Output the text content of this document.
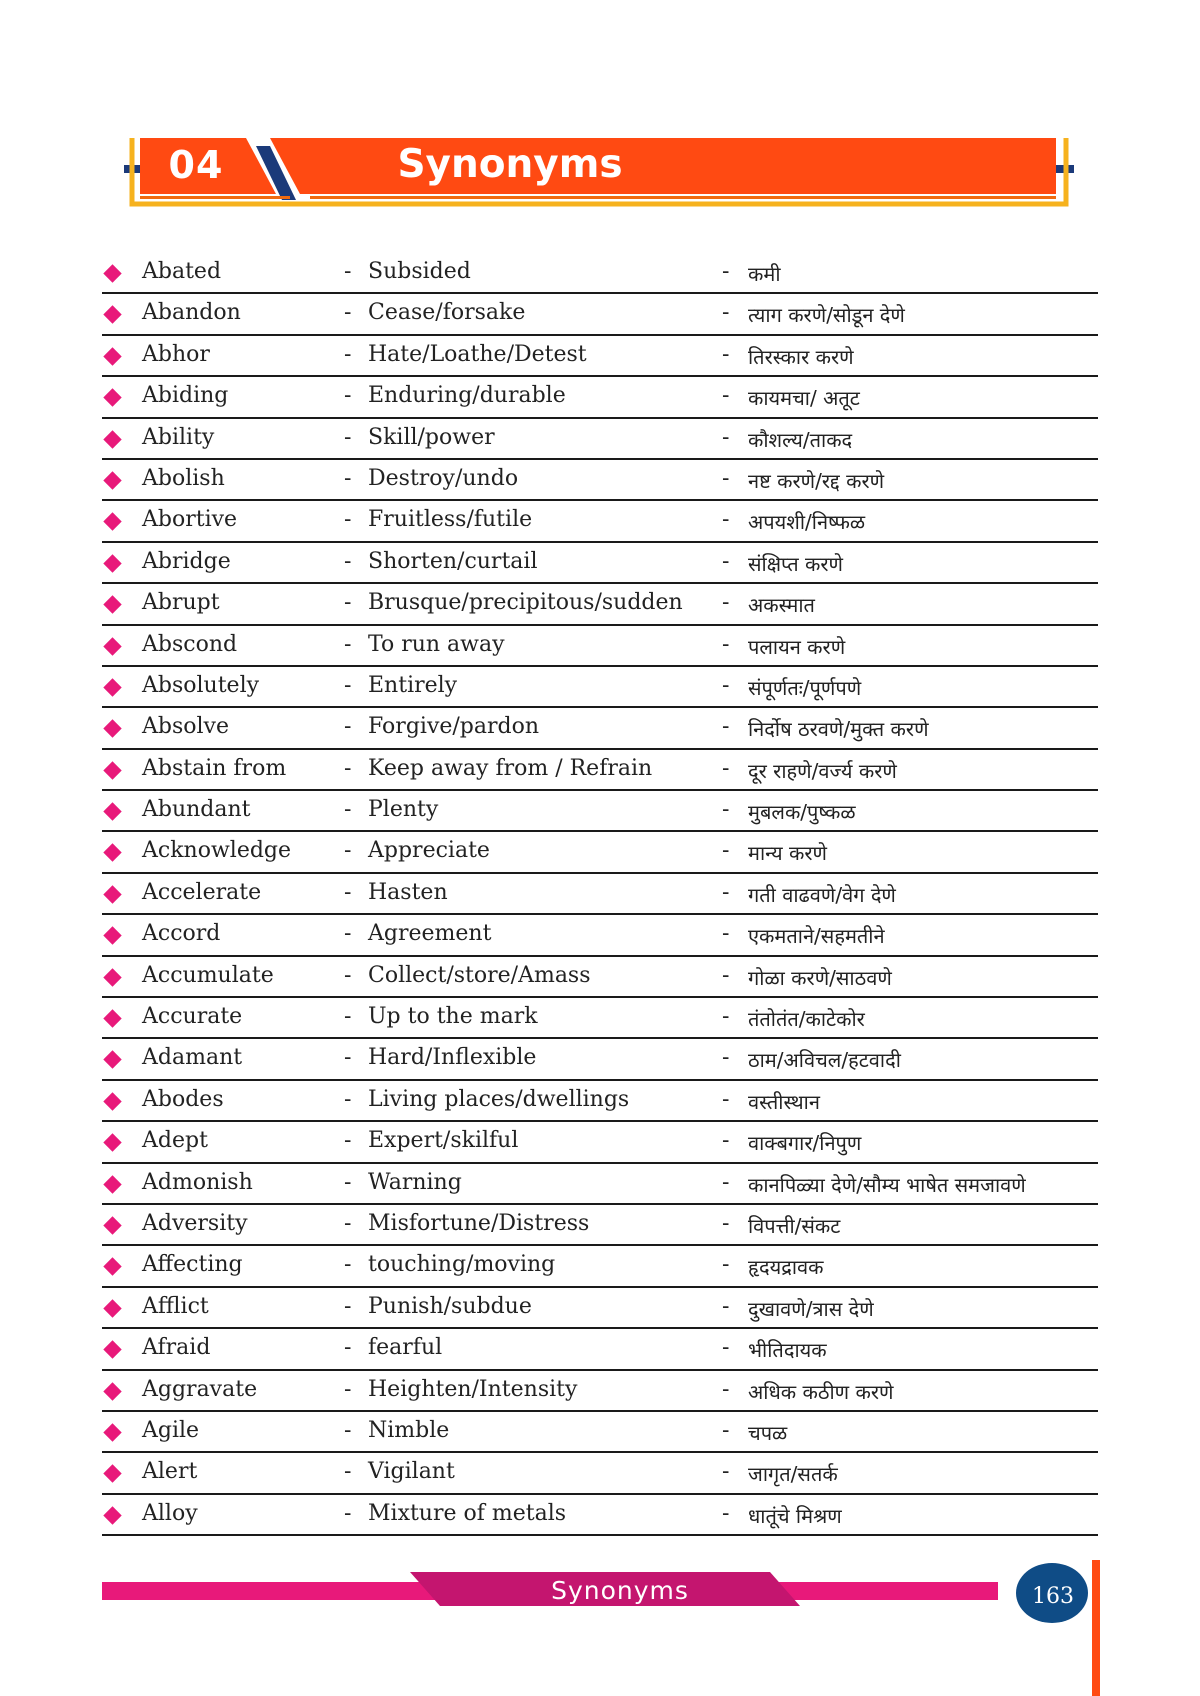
04	Synonyms
Abated	- Subsided	- कमी
Abandon	- Cease/forsake	- त्याग करणे/सोडून देणे
Abhor	- Hate/Loathe/Detest	- तिरस्कार करणे
Abiding	- Enduring/durable	- कायमचा/ अतूट
Ability	- Skill/power	- कौशल्य/ताकद
Abolish	- Destroy/undo	- नष्ट करणे/रद्द करणे
Abortive	- Fruitless/futile	- अपयशी/निष्फळ
Abridge	- Shorten/curtail	- संक्षिप्त करणे
Abrupt	- Brusque/precipitous/sudden - अकस्मात
Abscond	- To run away	- पलायन करणे
Absolutely	- Entirely	- संपूर्णतः/पूर्णपणे
Absolve	- Forgive/pardon	- निर्दोष ठरवणे/मुक्त करणे
Abstain from	- Keep away from / Refrain	- दूर राहणे/वर्ज्य करणे
Abundant	- Plenty	- मुबलक/पुष्कळ
Acknowledge - Appreciate	- मान्य करणे
Accelerate	- Hasten	- गती वाढवणे/वेग देणे
Accord	- Agreement	- एकमताने/सहमतीने
Accumulate	- Collect/store/Amass	- गोळा करणे/साठवणे
Accurate	- Up to the mark	- तंतोतंत/काटेकोर
Adamant	- Hard/Inflexible	- ठाम/अविचल/हटवादी
Abodes	- Living places/dwellings	- वस्तीस्थान
Adept	- Expert/skilful	- वाक्बगार/निपुण
Admonish	- Warning	- कानपिळ्या देणे/सौम्य भाषेत समजावणे
Adversity	- Misfortune/Distress	- विपत्ती/संकट
Affecting	- touching/moving	- हृदयद्रावक
Afflict	- Punish/subdue	- दुखावणे/त्रास देणे
Afraid	- fearful	- भीतिदायक
Aggravate	- Heighten/Intensity	- अधिक कठीण करणे
Agile	- Nimble	- चपळ
Alert	- Vigilant	- जागृत/सतर्क
Alloy	- Mixture of metals	- धातूंचे मिश्रण
Synonyms	163
